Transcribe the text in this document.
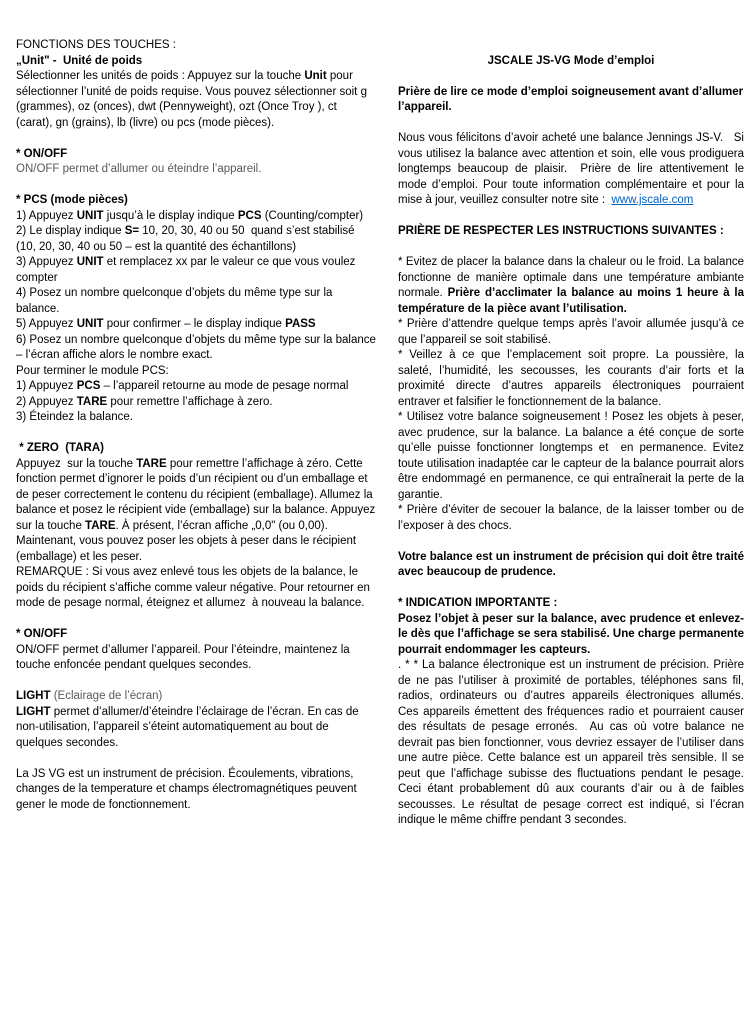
FONCTIONS DES TOUCHES :
„Unit" -  Unité de poids
Sélectionner les unités de poids : Appuyez sur la touche Unit pour sélectionner l’unité de poids requise. Vous pouvez sélectionner soit g (grammes), oz (onces), dwt (Pennyweight), ozt (Once Troy ), ct (carat), gn (grains), lb (livre) ou pcs (mode pièces).
* ON/OFF
ON/OFF permet d’allumer ou éteindre l’appareil.
* PCS (mode pièces)
1) Appuyez UNIT jusqu’à le display indique PCS (Counting/compter)
2) Le display indique S= 10, 20, 30, 40 ou 50  quand s’est stabilisé (10, 20, 30, 40 ou 50 – est la quantité des échantillons)
3) Appuyez UNIT et remplacez xx par le valeur ce que vous voulez compter
4) Posez un nombre quelconque d’objets du même type sur la balance.
5) Appuyez UNIT pour confirmer – le display indique PASS
6) Posez un nombre quelconque d’objets du même type sur la balance – l’écran affiche alors le nombre exact.
Pour terminer le module PCS:
1) Appuyez PCS – l’appareil retourne au mode de pesage normal
2) Appuyez TARE pour remettre l’affichage à zero.
3) Éteindez la balance.
* ZERO  (TARA)
Appuyez  sur la touche TARE pour remettre l’affichage à zéro. Cette fonction permet d’ignorer le poids d’un récipient ou d’un emballage et de peser correctement le contenu du récipient (emballage). Allumez la balance et posez le récipient vide (emballage) sur la balance. Appuyez sur la touche TARE. À présent, l’écran affiche „0,0" (ou 0,00). Maintenant, vous pouvez poser les objets à peser dans le récipient (emballage) et les peser.
REMARQUE : Si vous avez enlevé tous les objets de la balance, le poids du récipient s’affiche comme valeur négative. Pour retourner en mode de pesage normal, éteignez et allumez  à nouveau la balance.
* ON/OFF
ON/OFF permet d’allumer l’appareil. Pour l’éteindre, maintenez la touche enfoncée pendant quelques secondes.
LIGHT (Eclairage de l’écran)
LIGHT permet d’allumer/d’éteindre l’éclairage de l’écran. En cas de non-utilisation, l’appareil s’éteint automatiquement au bout de quelques secondes.
La JS VG est un instrument de précision. Écoulements, vibrations, changes de la temperature et champs électromagnétiques peuvent gener le mode de fonctionnement.
JSCALE JS-VG Mode d’emploi
Prière de lire ce mode d’emploi soigneusement avant d’allumer l’appareil.
Nous vous félicitons d’avoir acheté une balance Jennings JS-V.   Si vous utilisez la balance avec attention et soin, elle vous prodiguera longtemps beaucoup de plaisir.  Prière de lire attentivement le mode d’emploi. Pour toute information complémentaire et pour la mise à jour, veuillez consulter notre site :  www.jscale.com
PRIÈRE DE RESPECTER LES INSTRUCTIONS SUIVANTES :
* Evitez de placer la balance dans la chaleur ou le froid. La balance fonctionne de manière optimale dans une température ambiante normale. Prière d’acclimater la balance au moins 1 heure à la température de la pièce avant l’utilisation.
* Prière d’attendre quelque temps après l’avoir allumée jusqu’à ce que l’appareil se soit stabilisé.
* Veillez à ce que l’emplacement soit propre. La poussière, la saleté, l’humidité, les secousses, les courants d’air forts et la proximité directe d’autres appareils électroniques pourraient entraver et falsifier le fonctionnement de la balance.
* Utilisez votre balance soigneusement ! Posez les objets à peser, avec prudence, sur la balance. La balance a été conçue de sorte qu’elle puisse fonctionner longtemps et  en permanence. Evitez toute utilisation inadaptée car le capteur de la balance pourrait alors être endommagé en permanence, ce qui entraînerait la perte de la garantie.
* Prière d’éviter de secouer la balance, de la laisser tomber ou de l’exposer à des chocs.
Votre balance est un instrument de précision qui doit être traité avec beaucoup de prudence.
* INDICATION IMPORTANTE :
Posez l’objet à peser sur la balance, avec prudence et enlevez-le dès que l’affichage se sera stabilisé. Une charge permanente pourrait endommager les capteurs.
. * * La balance électronique est un instrument de précision. Prière de ne pas l’utiliser à proximité de portables, téléphones sans fil, radios, ordinateurs ou d’autres appareils électroniques allumés. Ces appareils émettent des fréquences radio et pourraient causer des résultats de pesage erronés.  Au cas où votre balance ne devrait pas bien fonctionner, vous devriez essayer de l’utiliser dans une autre pièce. Cette balance est un appareil très sensible. Il se peut que l’affichage subisse des fluctuations pendant le pesage. Ceci étant probablement dû aux courants d’air ou à de faibles secousses. Le résultat de pesage correct est indiqué, si l’écran indique le même chiffre pendant 3 secondes.
